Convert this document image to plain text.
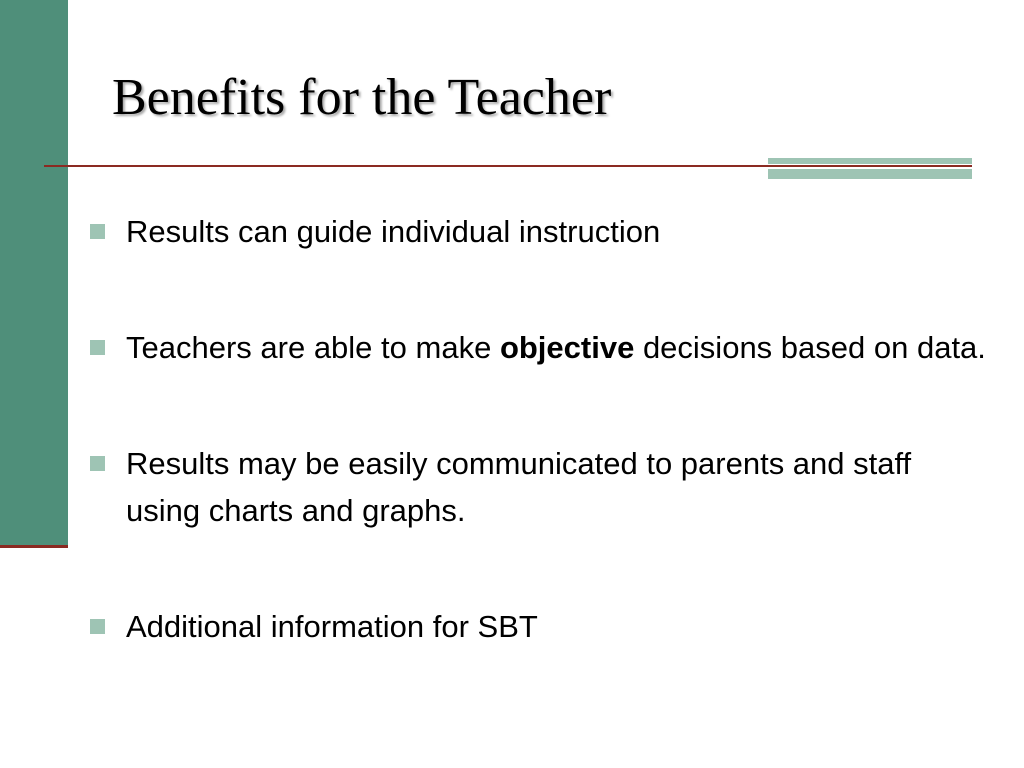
Benefits for the Teacher
Results can guide individual instruction
Teachers are able to make objective decisions based on data.
Results may be easily communicated to parents and staff using charts and graphs.
Additional information for SBT
